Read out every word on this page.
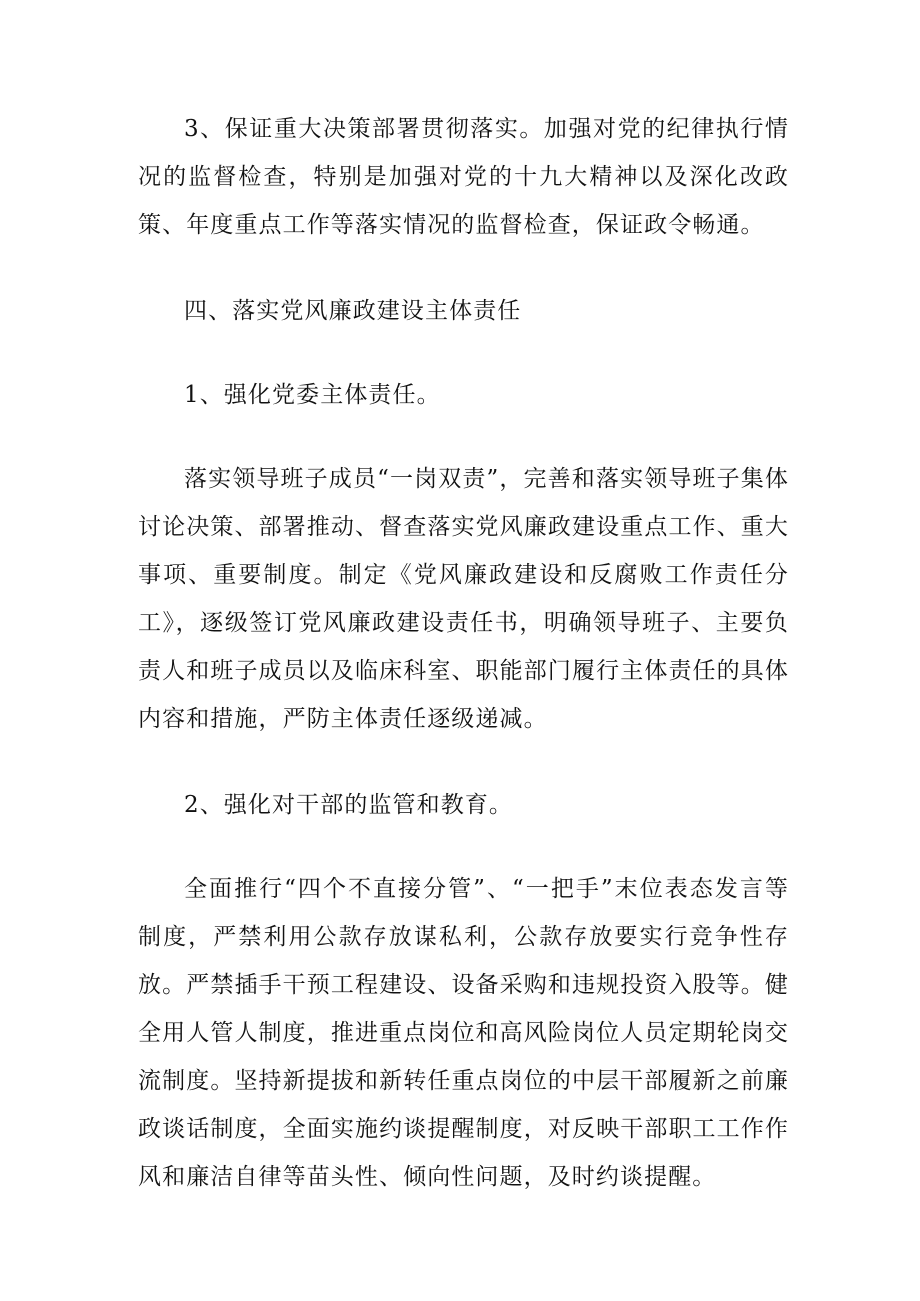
3、保证重大决策部署贯彻落实。加强对党的纪律执行情况的监督检查，特别是加强对党的十九大精神以及深化改政策、年度重点工作等落实情况的监督检查，保证政令畅通。

四、落实党风廉政建设主体责任

1、强化党委主体责任。

落实领导班子成员“一岗双责”，完善和落实领导班子集体讨论决策、部署推动、督查落实党风廉政建设重点工作、重大事项、重要制度。制定《党风廉政建设和反腐败工作责任分工》，逐级签订党风廉政建设责任书，明确领导班子、主要负责人和班子成员以及临床科室、职能部门履行主体责任的具体内容和措施，严防主体责任逐级递减。

2、强化对干部的监管和教育。

全面推行“四个不直接分管”、“一把手”末位表态发言等制度，严禁利用公款存放谋私利，公款存放要实行竞争性存放。严禁插手干预工程建设、设备采购和违规投资入股等。健全用人管人制度，推进重点岗位和高风险岗位人员定期轮岗交流制度。坚持新提拔和新转任重点岗位的中层干部履新之前廉政谈话制度，全面实施约谈提醒制度，对反映干部职工工作作风和廉洁自律等苗头性、倾向性问题，及时约谈提醒。
